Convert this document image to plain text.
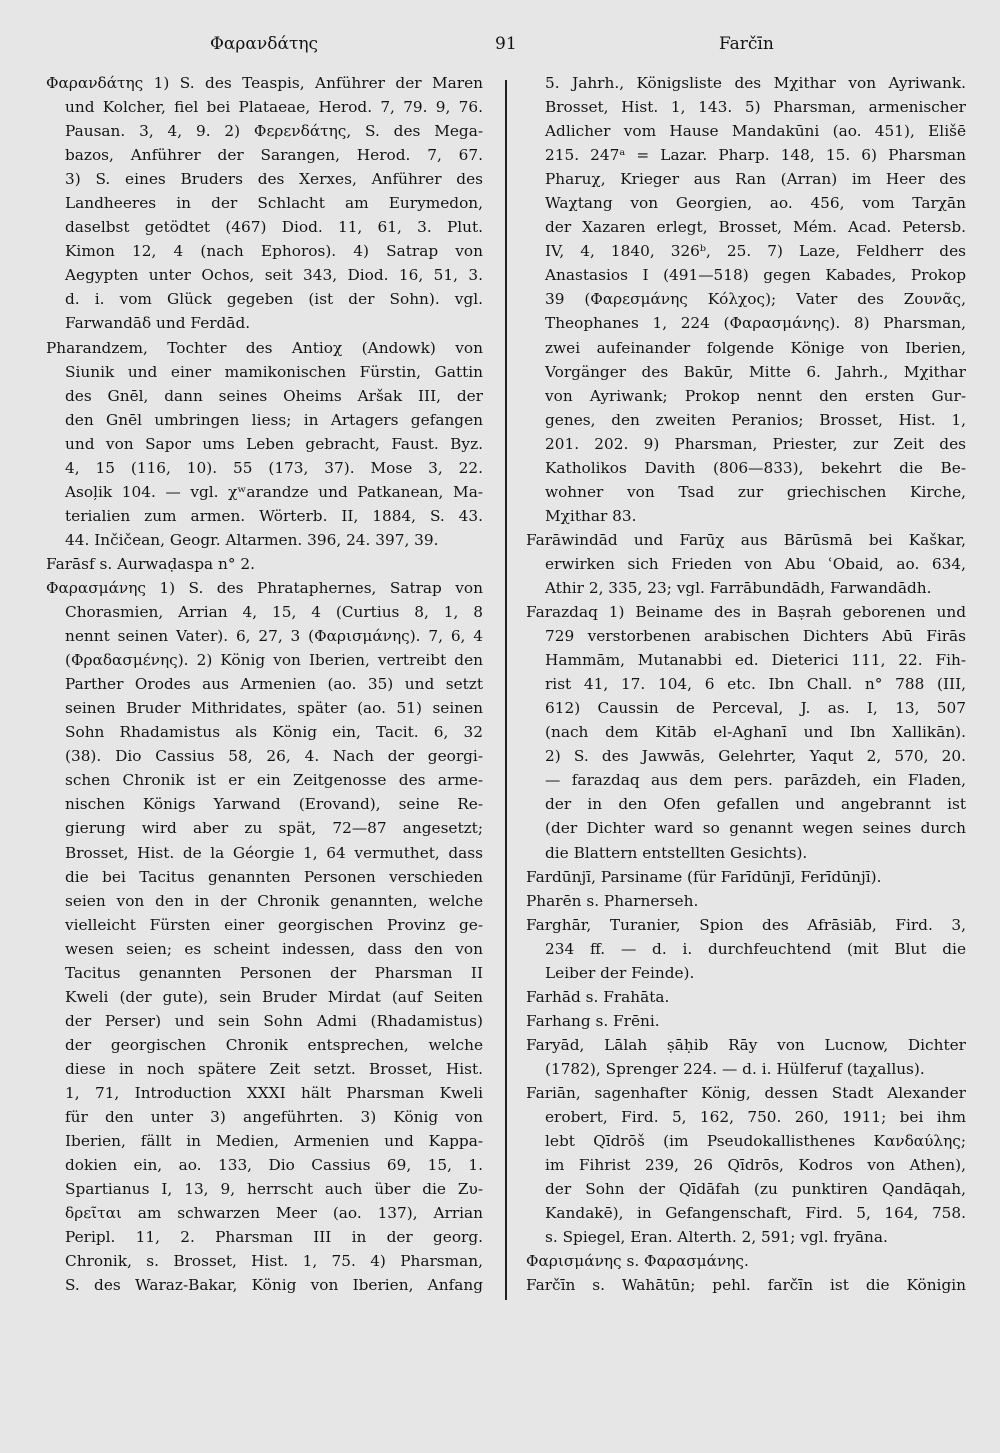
Φαρανδάτης	91	Farčīn
Φαρανδάτης 1) S. des Teaspis, Anführer der Maren
und Kolcher, fiel bei Plataeae, Herod. 7, 79. 9, 76.
Pausan. 3, 4, 9. 2) Φερενδάτης, S. des Mega-
bazos, Anführer der Sarangen, Herod. 7, 67.
3) S. eines Bruders des Xerxes, Anführer des
Landheeres in der Schlacht am Eurymedon,
daselbst getödtet (467) Diod. 11, 61, 3. Plut.
Kimon 12, 4 (nach Ephoros). 4) Satrap von
Aegypten unter Ochos, seit 343, Diod. 16, 51, 3.
d. i. vom Glück gegeben (ist der Sohn). vgl.
Farwandāδ und Ferdād.
Pharandzem, Tochter des Antioχ (Andowk) von
Siunik und einer mamikonischen Fürstin, Gattin
des Gnēl, dann seines Oheims Aršak III, der
den Gnēl umbringen liess; in Artagers gefangen
und von Sapor ums Leben gebracht, Faust. Byz.
4, 15 (116, 10). 55 (173, 37). Mose 3, 22.
Asoļik 104. — vgl. χʷarandze und Patkanean, Ma-
terialien zum armen. Wörterb. II, 1884, S. 43.
44. Inčičean, Geogr. Altarmen. 396, 24. 397, 39.
Farāsf s. Aurwaḍaspa n° 2.
Φαρασμάνης 1) S. des Phrataphernes, Satrap von
Chorasmien, Arrian 4, 15, 4 (Curtius 8, 1, 8
nennt seinen Vater). 6, 27, 3 (Φαρισμάνης). 7, 6, 4
(Φραδασμένης). 2) König von Iberien, vertreibt den
Parther Orodes aus Armenien (ao. 35) und setzt
seinen Bruder Mithridates, später (ao. 51) seinen
Sohn Rhadamistus als König ein, Tacit. 6, 32
(38). Dio Cassius 58, 26, 4. Nach der georgi-
schen Chronik ist er ein Zeitgenosse des arme-
nischen Königs Yarwand (Erovand), seine Re-
gierung wird aber zu spät, 72—87 angesetzt;
Brosset, Hist. de la Géorgie 1, 64 vermuthet, dass
die bei Tacitus genannten Personen verschieden
seien von den in der Chronik genannten, welche
vielleicht Fürsten einer georgischen Provinz ge-
wesen seien; es scheint indessen, dass den von
Tacitus genannten Personen der Pharsman II
Kweli (der gute), sein Bruder Mirdat (auf Seiten
der Perser) und sein Sohn Admi (Rhadamistus)
der georgischen Chronik entsprechen, welche
diese in noch spätere Zeit setzt. Brosset, Hist.
1, 71, Introduction XXXI hält Pharsman Kweli
für den unter 3) angeführten. 3) König von
Iberien, fällt in Medien, Armenien und Kappa-
dokien ein, ao. 133, Dio Cassius 69, 15, 1.
Spartianus I, 13, 9, herrscht auch über die Ζυ-
δρεῖται am schwarzen Meer (ao. 137), Arrian
Peripl. 11, 2. Pharsman III in der georg.
Chronik, s. Brosset, Hist. 1, 75. 4) Pharsman,
S. des Waraz-Bakar, König von Iberien, Anfang
5. Jahrh., Königsliste des Mχithar von Ayriwank.
Brosset, Hist. 1, 143. 5) Pharsman, armenischer
Adlicher vom Hause Mandakūni (ao. 451), Elišē
215. 247ᵃ = Lazar. Pharp. 148, 15. 6) Pharsman
Pharuχ, Krieger aus Ran (Arran) im Heer des
Waχtang von Georgien, ao. 456, vom Tarχān
der Xazaren erlegt, Brosset, Mém. Acad. Petersb.
IV, 4, 1840, 326ᵇ, 25. 7) Laze, Feldherr des
Anastasios I (491—518) gegen Kabades, Prokop
39 (Φαρεσμάνης Κόλχος); Vater des Ζουνᾶς,
Theophanes 1, 224 (Φαρασμάνης). 8) Pharsman,
zwei aufeinander folgende Könige von Iberien,
Vorgänger des Bakūr, Mitte 6. Jahrh., Mχithar
von Ayriwank; Prokop nennt den ersten Gur-
genes, den zweiten Peranios; Brosset, Hist. 1,
201. 202. 9) Pharsman, Priester, zur Zeit des
Katholikos Davith (806—833), bekehrt die Be-
wohner von Tsad zur griechischen Kirche,
Mχithar 83.
Farāwindād und Farūχ aus Bārūsmā bei Kaškar,
erwirken sich Frieden von Abu ʿObaid, ao. 634,
Athir 2, 335, 23; vgl. Farrābundādh, Farwandādh.
Farazdaq 1) Beiname des in Baṣrah geborenen und
729 verstorbenen arabischen Dichters Abū Firās
Hammām, Mutanabbi ed. Dieterici 111, 22. Fih-
rist 41, 17. 104, 6 etc. Ibn Chall. n° 788 (III,
612) Caussin de Perceval, J. as. I, 13, 507
(nach dem Kitāb el-Aghanī und Ibn Xallikān).
2) S. des Jawwās, Gelehrter, Yaqut 2, 570, 20.
— farazdaq aus dem pers. parāzdeh, ein Fladen,
der in den Ofen gefallen und angebrannt ist
(der Dichter ward so genannt wegen seines durch
die Blattern entstellten Gesichts).
Fardūnjī, Parsiname (für Farīdūnjī, Ferīdūnjī).
Pharēn s. Pharnerseh.
Farghār, Turanier, Spion des Afrāsiāb, Fird. 3,
234 ff. — d. i. durchfeuchtend (mit Blut die
Leiber der Feinde).
Farhād s. Frahāta.
Farhang s. Frēni.
Faryād, Lālah ṣāḥib Rāy von Lucnow, Dichter
(1782), Sprenger 224. — d. i. Hülferuf (taχallus).
Fariān, sagenhafter König, dessen Stadt Alexander
erobert, Fird. 5, 162, 750. 260, 1911; bei ihm
lebt Qīdrōš (im Pseudokallisthenes Κανδαύλης;
im Fihrist 239, 26 Qīdrōs, Kodros von Athen),
der Sohn der Qīdāfah (zu punktiren Qandāqah,
Kandakē), in Gefangenschaft, Fird. 5, 164, 758.
s. Spiegel, Eran. Alterth. 2, 591; vgl. fryāna.
Φαρισμάνης s. Φαρασμάνης.
Farčīn s. Wahātūn; pehl. farčīn ist die Königin
